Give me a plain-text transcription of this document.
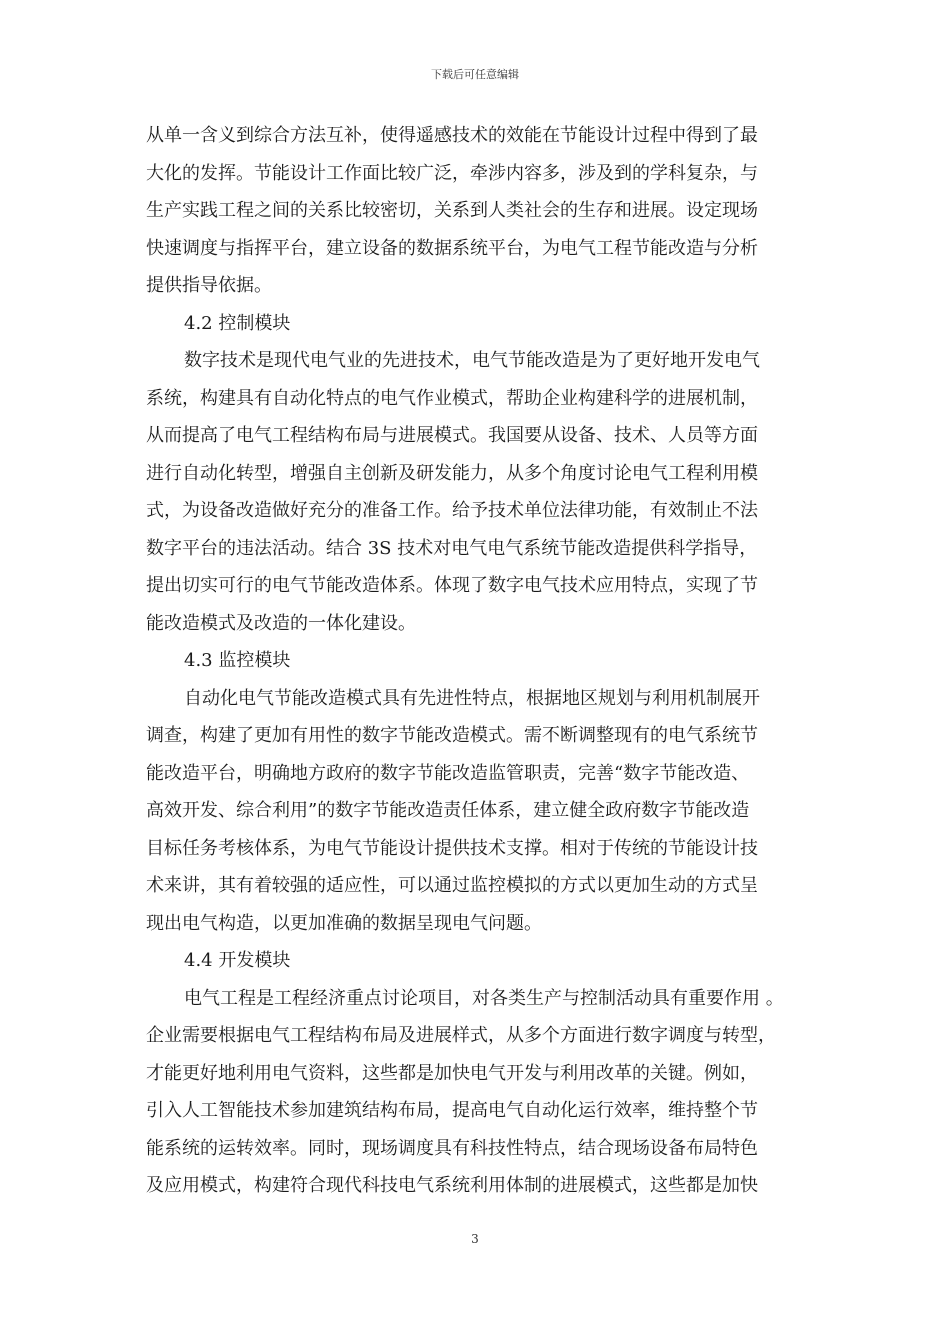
下载后可任意编辑
从单一含义到综合方法互补，使得遥感技术的效能在节能设计过程中得到了最
大化的发挥。节能设计工作面比较广泛，牵涉内容多，涉及到的学科复杂，与
生产实践工程之间的关系比较密切，关系到人类社会的生存和进展。设定现场
快速调度与指挥平台，建立设备的数据系统平台，为电气工程节能改造与分析
提供指导依据。
4.2 控制模块
数字技术是现代电气业的先进技术，电气节能改造是为了更好地开发电气
系统，构建具有自动化特点的电气作业模式，帮助企业构建科学的进展机制，
从而提高了电气工程结构布局与进展模式。我国要从设备、技术、人员等方面
进行自动化转型，增强自主创新及研发能力，从多个角度讨论电气工程利用模
式，为设备改造做好充分的准备工作。给予技术单位法律功能，有效制止不法
数字平台的违法活动。结合 3S 技术对电气电气系统节能改造提供科学指导，
提出切实可行的电气节能改造体系。体现了数字电气技术应用特点，实现了节
能改造模式及改造的一体化建设。
4.3 监控模块
自动化电气节能改造模式具有先进性特点，根据地区规划与利用机制展开
调查，构建了更加有用性的数字节能改造模式。需不断调整现有的电气系统节
能改造平台，明确地方政府的数字节能改造监管职责，完善“数字节能改造、
高效开发、综合利用”的数字节能改造责任体系，建立健全政府数字节能改造
目标任务考核体系，为电气节能设计提供技术支撑。相对于传统的节能设计技
术来讲，其有着较强的适应性，可以通过监控模拟的方式以更加生动的方式呈
现出电气构造，以更加准确的数据呈现电气问题。
4.4 开发模块
电气工程是工程经济重点讨论项目，对各类生产与控制活动具有重要作用 。
企业需要根据电气工程结构布局及进展样式，从多个方面进行数字调度与转型，
才能更好地利用电气资料，这些都是加快电气开发与利用改革的关键。例如，
引入人工智能技术参加建筑结构布局，提高电气自动化运行效率，维持整个节
能系统的运转效率。同时，现场调度具有科技性特点，结合现场设备布局特色
及应用模式，构建符合现代科技电气系统利用体制的进展模式，这些都是加快
3
